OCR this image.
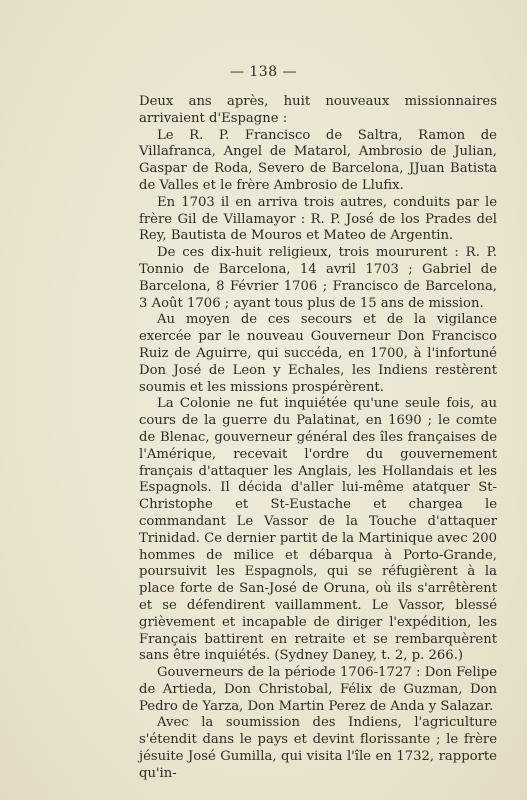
— 138 —

Deux ans après, huit nouveaux missionnaires arrivaient d'Espagne :

Le R. P. Francisco de Saltra, Ramon de Villafranca, Angel de Matarol, Ambrosio de Julian, Gaspar de Roda, Severo de Barcelona, JJuan Batista de Valles et le frère Ambrosio de Llufix.

En 1703 il en arriva trois autres, conduits par le frère Gil de Villamayor : R. P. José de los Prades del Rey, Bautista de Mouros et Mateo de Argentin.

De ces dix-huit religieux, trois moururent : R. P. Tonnio de Barcelona, 14 avril 1703 ; Gabriel de Barcelona, 8 Février 1706 ; Francisco de Barcelona, 3 Août 1706 ; ayant tous plus de 15 ans de mission.

Au moyen de ces secours et de la vigilance exercée par le nouveau Gouverneur Don Francisco Ruiz de Aguirre, qui succéda, en 1700, à l'infortuné Don José de Leon y Echales, les Indiens restèrent soumis et les missions prospérèrent.

La Colonie ne fut inquiétée qu'une seule fois, au cours de la guerre du Palatinat, en 1690 ; le comte de Blenac, gouverneur général des îles françaises de l'Amérique, recevait l'ordre du gouvernement français d'attaquer les Anglais, les Hollandais et les Espagnols. Il décida d'aller lui-même atatquer St-Christophe et St-Eustache et chargea le commandant Le Vassor de la Touche d'attaquer Trinidad. Ce dernier partit de la Martinique avec 200 hommes de milice et débarqua à Porto-Grande, poursuivit les Espagnols, qui se réfugièrent à la place forte de San-José de Oruna, où ils s'arrêtèrent et se défendirent vaillamment. Le Vassor, blessé grièvement et incapable de diriger l'expédition, les Français battirent en retraite et se rembarquèrent sans être inquiétés. (Sydney Daney, t. 2, p. 266.)

Gouverneurs de la période 1706-1727 : Don Felipe de Artieda, Don Christobal, Félix de Guzman, Don Pedro de Yarza, Don Martin Perez de Anda y Salazar.

Avec la soumission des Indiens, l'agriculture s'étendit dans le pays et devint florissante ; le frère jésuite José Gumilla, qui visita l'île en 1732, rapporte qu'in-
